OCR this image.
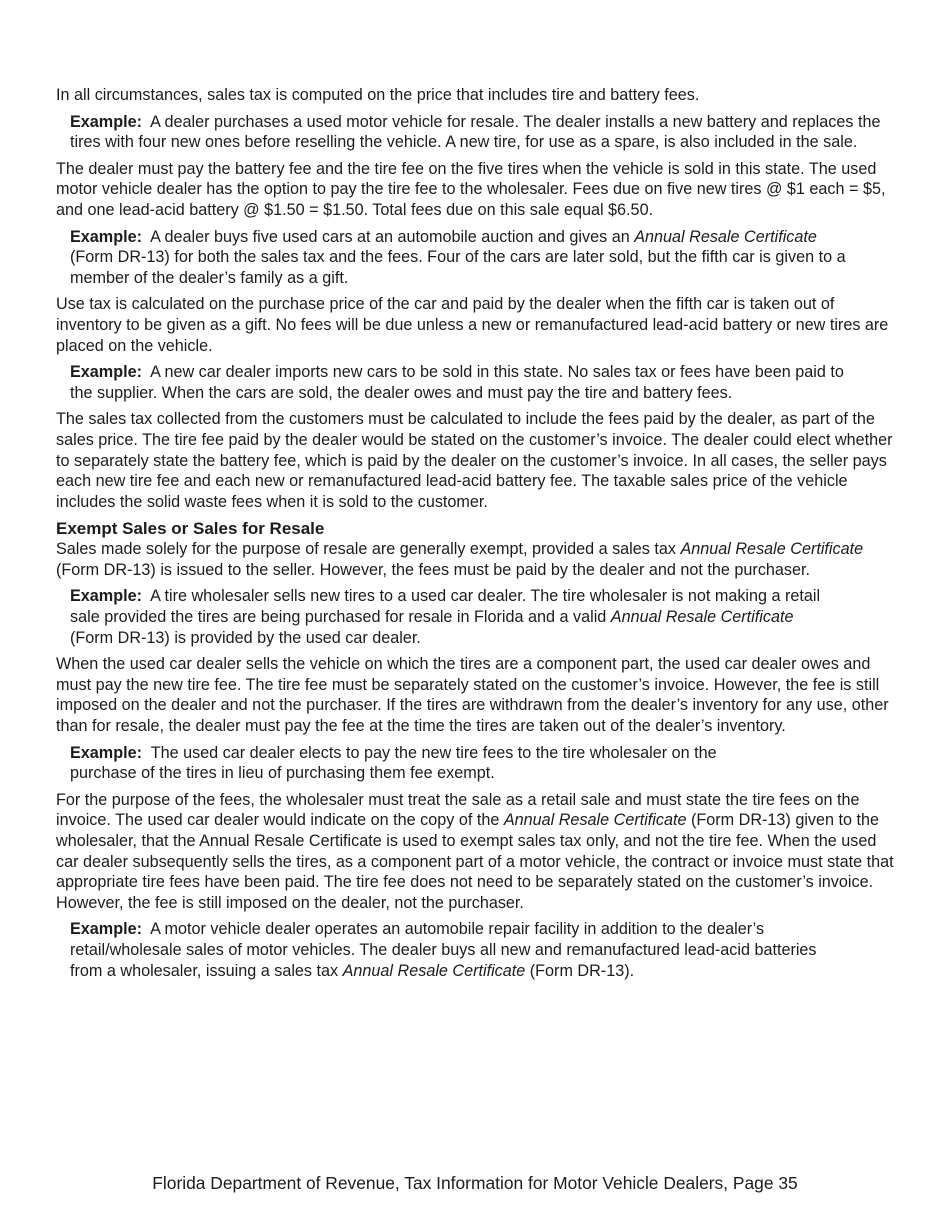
In all circumstances, sales tax is computed on the price that includes tire and battery fees.

Example: A dealer purchases a used motor vehicle for resale. The dealer installs a new battery and replaces the tires with four new ones before reselling the vehicle. A new tire, for use as a spare, is also included in the sale.

The dealer must pay the battery fee and the tire fee on the five tires when the vehicle is sold in this state. The used motor vehicle dealer has the option to pay the tire fee to the wholesaler. Fees due on five new tires @ $1 each = $5, and one lead-acid battery @ $1.50 = $1.50. Total fees due on this sale equal $6.50.

Example: A dealer buys five used cars at an automobile auction and gives an Annual Resale Certificate (Form DR-13) for both the sales tax and the fees. Four of the cars are later sold, but the fifth car is given to a member of the dealer’s family as a gift.

Use tax is calculated on the purchase price of the car and paid by the dealer when the fifth car is taken out of inventory to be given as a gift. No fees will be due unless a new or remanufactured lead-acid battery or new tires are placed on the vehicle.

Example: A new car dealer imports new cars to be sold in this state. No sales tax or fees have been paid to the supplier. When the cars are sold, the dealer owes and must pay the tire and battery fees.

The sales tax collected from the customers must be calculated to include the fees paid by the dealer, as part of the sales price. The tire fee paid by the dealer would be stated on the customer’s invoice. The dealer could elect whether to separately state the battery fee, which is paid by the dealer on the customer’s invoice. In all cases, the seller pays each new tire fee and each new or remanufactured lead-acid battery fee. The taxable sales price of the vehicle includes the solid waste fees when it is sold to the customer.

Exempt Sales or Sales for Resale

Sales made solely for the purpose of resale are generally exempt, provided a sales tax Annual Resale Certificate (Form DR-13) is issued to the seller. However, the fees must be paid by the dealer and not the purchaser.

Example: A tire wholesaler sells new tires to a used car dealer. The tire wholesaler is not making a retail sale provided the tires are being purchased for resale in Florida and a valid Annual Resale Certificate (Form DR-13) is provided by the used car dealer.

When the used car dealer sells the vehicle on which the tires are a component part, the used car dealer owes and must pay the new tire fee. The tire fee must be separately stated on the customer’s invoice. However, the fee is still imposed on the dealer and not the purchaser. If the tires are withdrawn from the dealer’s inventory for any use, other than for resale, the dealer must pay the fee at the time the tires are taken out of the dealer’s inventory.

Example: The used car dealer elects to pay the new tire fees to the tire wholesaler on the purchase of the tires in lieu of purchasing them fee exempt.

For the purpose of the fees, the wholesaler must treat the sale as a retail sale and must state the tire fees on the invoice. The used car dealer would indicate on the copy of the Annual Resale Certificate (Form DR-13) given to the wholesaler, that the Annual Resale Certificate is used to exempt sales tax only, and not the tire fee. When the used car dealer subsequently sells the tires, as a component part of a motor vehicle, the contract or invoice must state that appropriate tire fees have been paid. The tire fee does not need to be separately stated on the customer’s invoice. However, the fee is still imposed on the dealer, not the purchaser.

Example: A motor vehicle dealer operates an automobile repair facility in addition to the dealer’s retail/wholesale sales of motor vehicles. The dealer buys all new and remanufactured lead-acid batteries from a wholesaler, issuing a sales tax Annual Resale Certificate (Form DR-13).

Florida Department of Revenue, Tax Information for Motor Vehicle Dealers, Page 35
